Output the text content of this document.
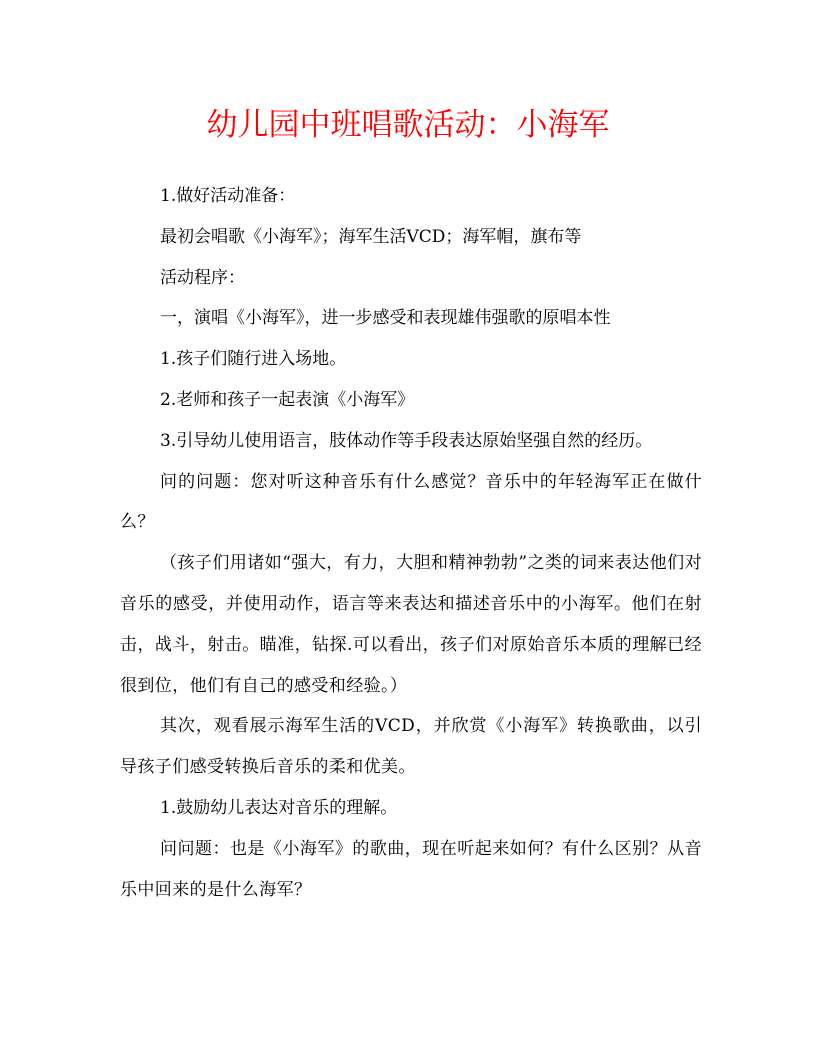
幼儿园中班唱歌活动：小海军

1.做好活动准备：

最初会唱歌《小海军》；海军生活VCD；海军帽，旗布等

活动程序：

一，演唱《小海军》，进一步感受和表现雄伟强歌的原唱本性

1.孩子们随行进入场地。

2.老师和孩子一起表演《小海军》

3.引导幼儿使用语言，肢体动作等手段表达原始坚强自然的经历。

问的问题：您对听这种音乐有什么感觉？音乐中的年轻海军正在做什么？

（孩子们用诸如“强大，有力，大胆和精神勃勃”之类的词来表达他们对音乐的感受，并使用动作，语言等来表达和描述音乐中的小海军。他们在射击，战斗，射击。瞄准，钻探.可以看出，孩子们对原始音乐本质的理解已经很到位，他们有自己的感受和经验。）

其次，观看展示海军生活的VCD，并欣赏《小海军》转换歌曲，以引导孩子们感受转换后音乐的柔和优美。

1.鼓励幼儿表达对音乐的理解。

问问题：也是《小海军》的歌曲，现在听起来如何？有什么区别？从音乐中回来的是什么海军？
